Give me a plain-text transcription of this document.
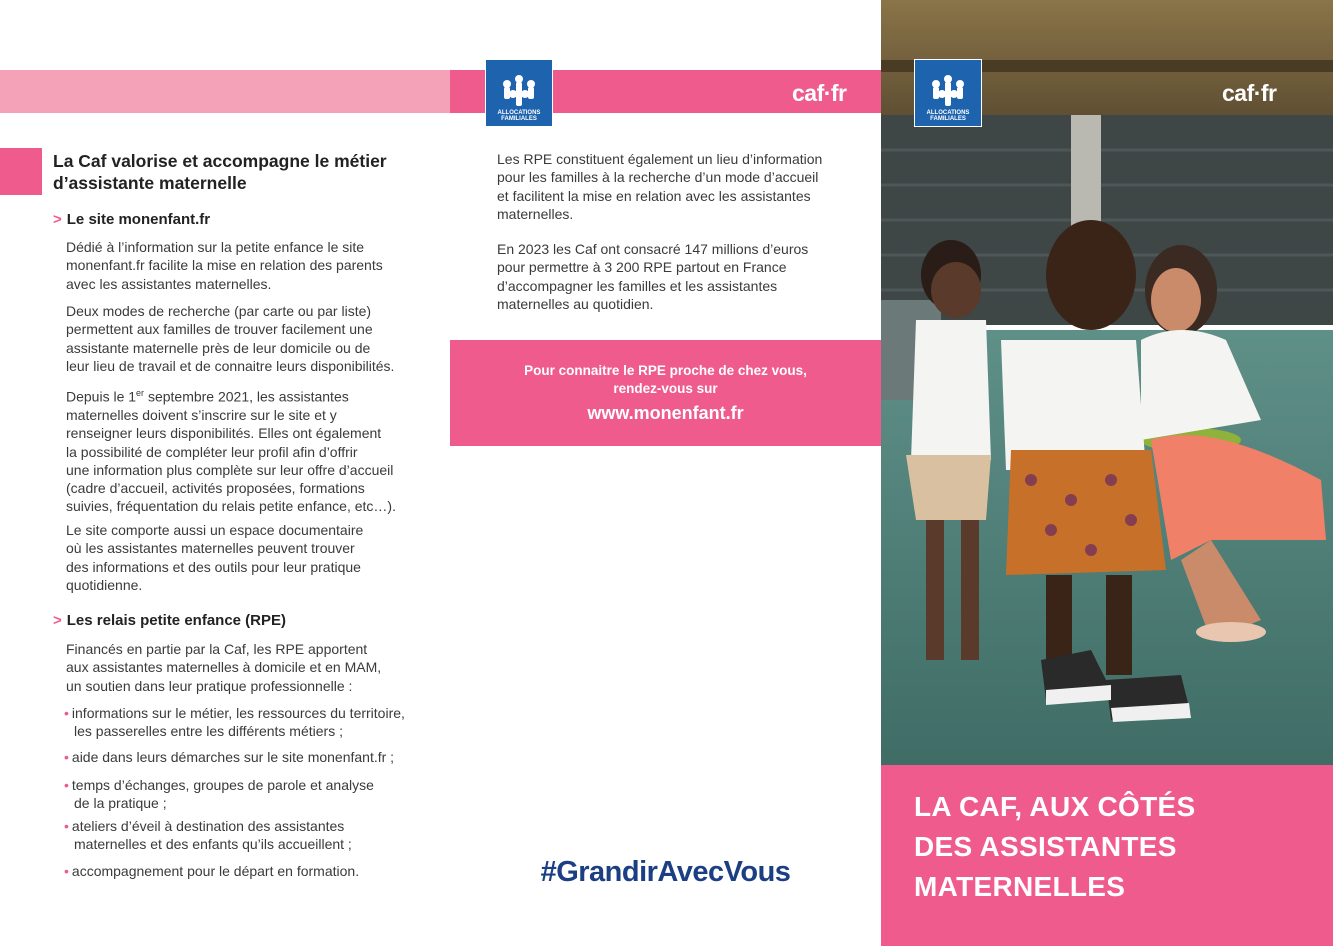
ALLOCATIONS
FAMILIALES
ALLOCATIONS
FAMILIALES
caf·fr	caf·fr
La Caf valorise et accompagne le métier
d’assistante maternelle
> Le site monenfant.fr

Dédié à l’information sur la petite enfance le site
monenfant.fr facilite la mise en relation des parents
avec les assistantes maternelles.

Deux modes de recherche (par carte ou par liste)
permettent aux familles de trouver facilement une
assistante maternelle près de leur domicile ou de
leur lieu de travail et de connaitre leurs disponibilités.

Depuis le 1er septembre 2021, les assistantes
maternelles doivent s’inscrire sur le site et y
renseigner leurs disponibilités. Elles ont également
la possibilité de compléter leur profil afin d’offrir
une information plus complète sur leur offre d’accueil
(cadre d’accueil, activités proposées, formations
suivies, fréquentation du relais petite enfance, etc…).

Le site comporte aussi un espace documentaire
où les assistantes maternelles peuvent trouver
des informations et des outils pour leur pratique
quotidienne.

> Les relais petite enfance (RPE)

Financés en partie par la Caf, les RPE apportent
aux assistantes maternelles à domicile et en MAM,
un soutien dans leur pratique professionnelle :

• informations sur le métier, les ressources du territoire,
les passerelles entre les différents métiers ;

• aide dans leurs démarches sur le site monenfant.fr ;

• temps d’échanges, groupes de parole et analyse
de la pratique ;

• ateliers d’éveil à destination des assistantes
maternelles et des enfants qu’ils accueillent ;

• accompagnement pour le départ en formation.

Les RPE constituent également un lieu d’information
pour les familles à la recherche d’un mode d’accueil
et facilitent la mise en relation avec les assistantes
maternelles.

En 2023 les Caf ont consacré 147 millions d’euros
pour permettre à 3 200 RPE partout en France
d’accompagner les familles et les assistantes
maternelles au quotidien.

Pour connaitre le RPE proche de chez vous,
rendez-vous sur
www.monenfant.fr
#GrandirAvecVous
LA CAF, AUX CÔTÉS
DES ASSISTANTES
MATERNELLES
